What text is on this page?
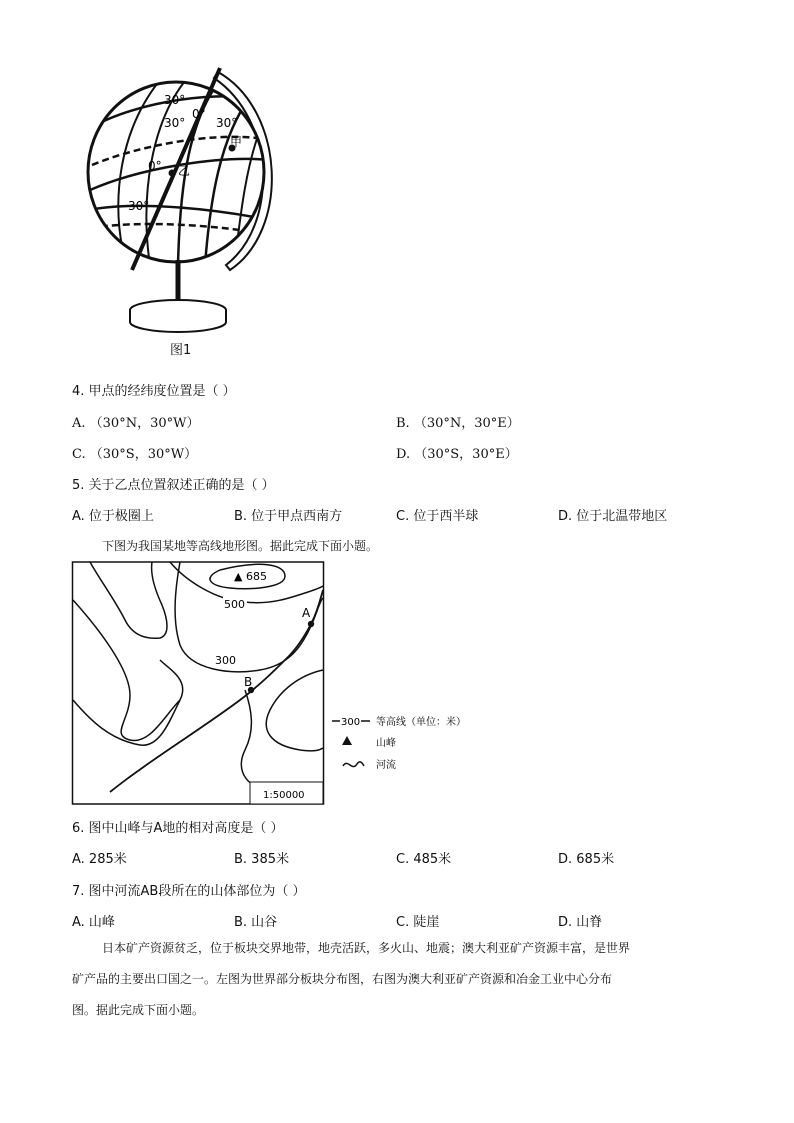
30°
30°
0°
30°
甲
0° 乙
30°
图1
4. 甲点的经纬度位置是（ ）
A. （30°N，30°W）	B. （30°N，30°E）
C. （30°S，30°W）	D. （30°S，30°E）
5. 关于乙点位置叙述正确的是（ ）
A. 位于极圈上	B. 位于甲点西南方	C. 位于西半球	D. 位于北温带地区
下图为我国某地等高线地形图。据此完成下面小题。
500
300
▲ 685
A
B
1:50000
300 等高线（单位：米）
山峰
河流
6. 图中山峰与A地的相对高度是（ ）
A. 285米	B. 385米	C. 485米	D. 685米
7. 图中河流AB段所在的山体部位为（ ）
A. 山峰	B. 山谷	C. 陡崖	D. 山脊
日本矿产资源贫乏，位于板块交界地带，地壳活跃，多火山、地震；澳大利亚矿产资源丰富，是世界
矿产品的主要出口国之一。左图为世界部分板块分布图，右图为澳大利亚矿产资源和冶金工业中心分布
图。据此完成下面小题。
